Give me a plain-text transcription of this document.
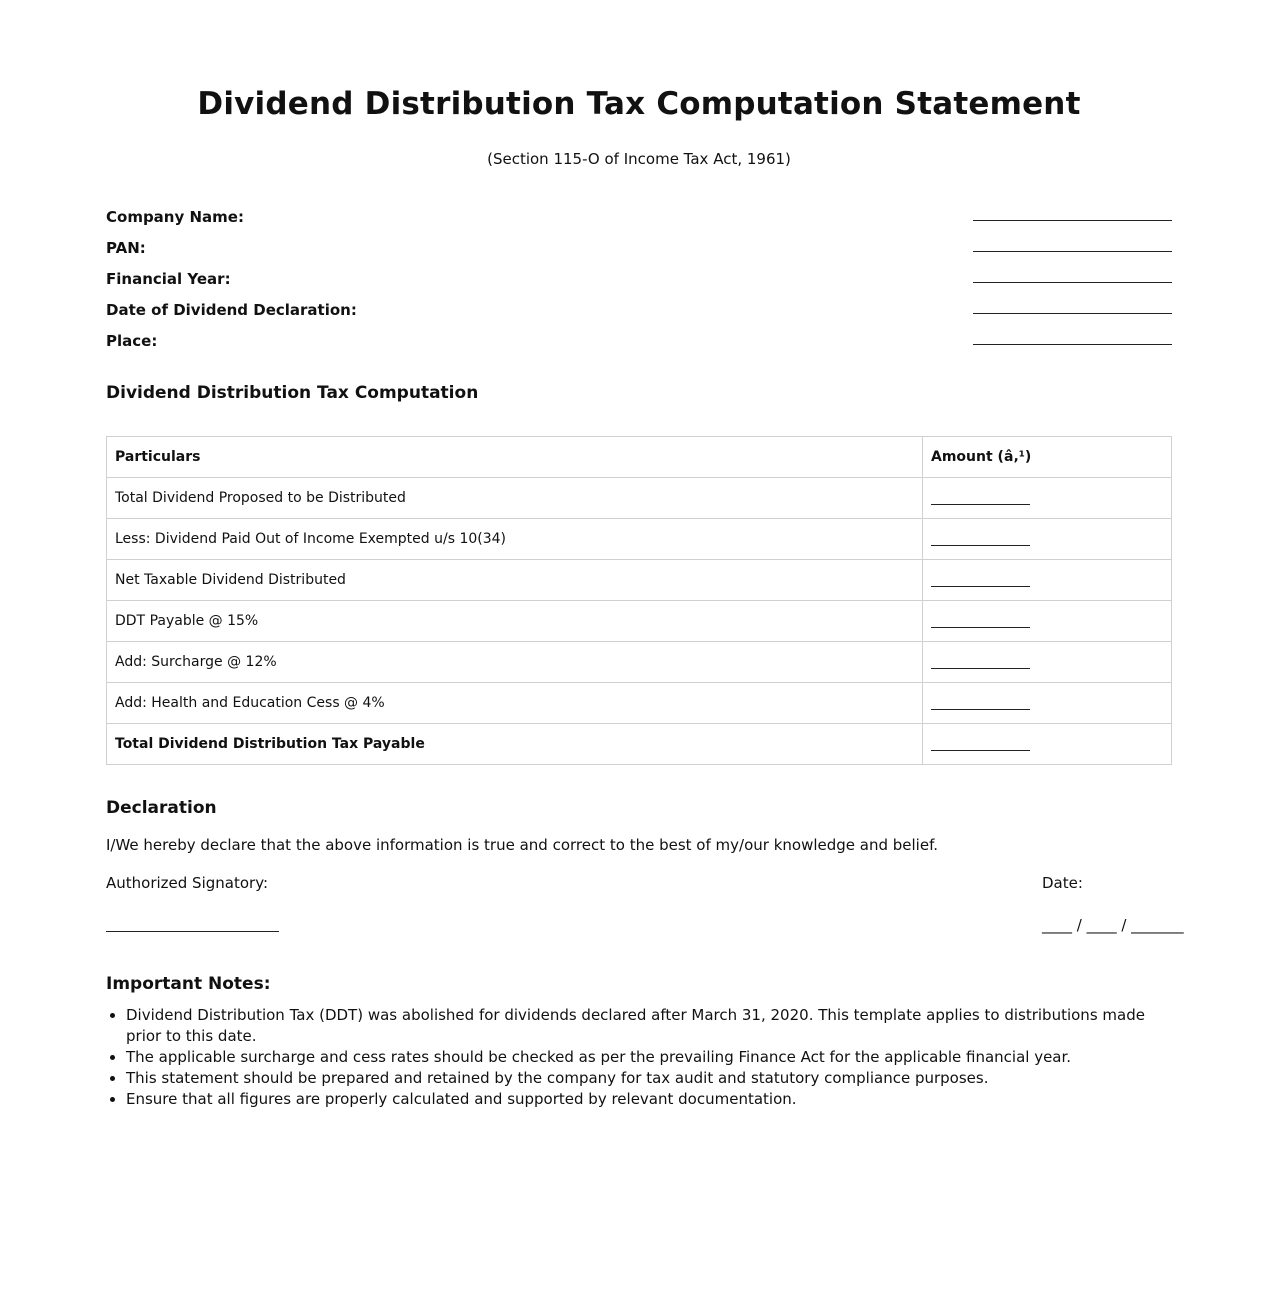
Dividend Distribution Tax Computation Statement

(Section 115-O of Income Tax Act, 1961)

Company Name:
PAN:
Financial Year:
Date of Dividend Declaration:
Place:
Dividend Distribution Tax Computation
Particulars	Amount (â‚¹)
Total Dividend Proposed to be Distributed	
Less: Dividend Paid Out of Income Exempted u/s 10(34)	
Net Taxable Dividend Distributed	
DDT Payable @ 15%	
Add: Surcharge @ 12%	
Add: Health and Education Cess @ 4%	
Total Dividend Distribution Tax Payable	
Declaration

I/We hereby declare that the above information is true and correct to the best of my/our knowledge and belief.

Authorized Signatory:	Date:
____ / ____ / _______
Important Notes:
• Dividend Distribution Tax (DDT) was abolished for dividends declared after March 31, 2020. This template applies to distributions made prior to this date.
• The applicable surcharge and cess rates should be checked as per the prevailing Finance Act for the applicable financial year.
• This statement should be prepared and retained by the company for tax audit and statutory compliance purposes.
• Ensure that all figures are properly calculated and supported by relevant documentation.
